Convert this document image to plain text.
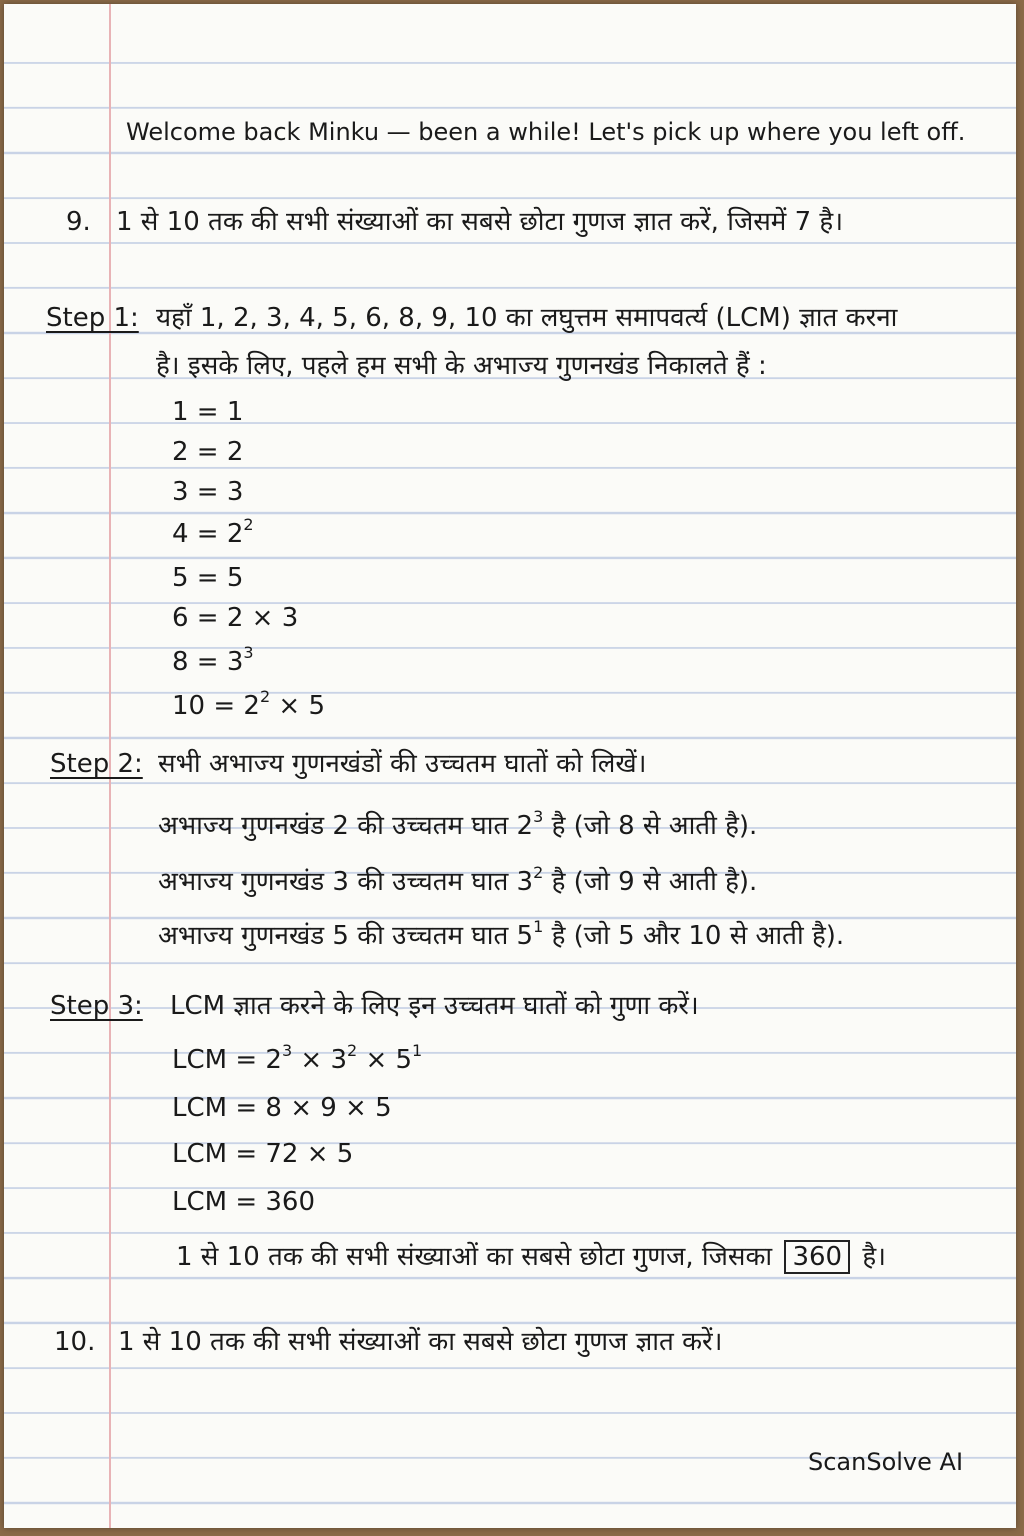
Welcome back Minku — been a while! Let's pick up where you left off.
9. 1 से 10 तक की सभी संख्याओं का सबसे छोटा गुणज ज्ञात करें, जिसमें 7 है।
Step 1: यहाँ 1, 2, 3, 4, 5, 6, 8, 9, 10 का लघुत्तम समापवर्त्य (LCM) ज्ञात करना
है। इसके लिए, पहले हम सभी के अभाज्य गुणनखंड निकालते हैं :
1 = 1
2 = 2
3 = 3
$4 = 2^2$
5 = 5
6 = 2 × 3
$8 = 3^3$
$10 = 2^2 \times 5$
Step 2: सभी अभाज्य गुणनखंडों की उच्चतम घातों को लिखें।
अभाज्य गुणनखंड 2 की उच्चतम घात $2^3$ है (जो 8 से आती है).
अभाज्य गुणनखंड 3 की उच्चतम घात $3^2$ है (जो 9 से आती है).
अभाज्य गुणनखंड 5 की उच्चतम घात $5^1$ है (जो 5 और 10 से आती है).
Step 3: LCM ज्ञात करने के लिए इन उच्चतम घातों को गुणा करें।
LCM = $2^3 \times 3^2 \times 5^1$
LCM = 8 × 9 × 5
LCM = 72 × 5
LCM = 360
1 से 10 तक की सभी संख्याओं का सबसे छोटा गुणज, जिसका 360 है।
10. 1 से 10 तक की सभी संख्याओं का सबसे छोटा गुणज ज्ञात करें।
ScanSolve AI
